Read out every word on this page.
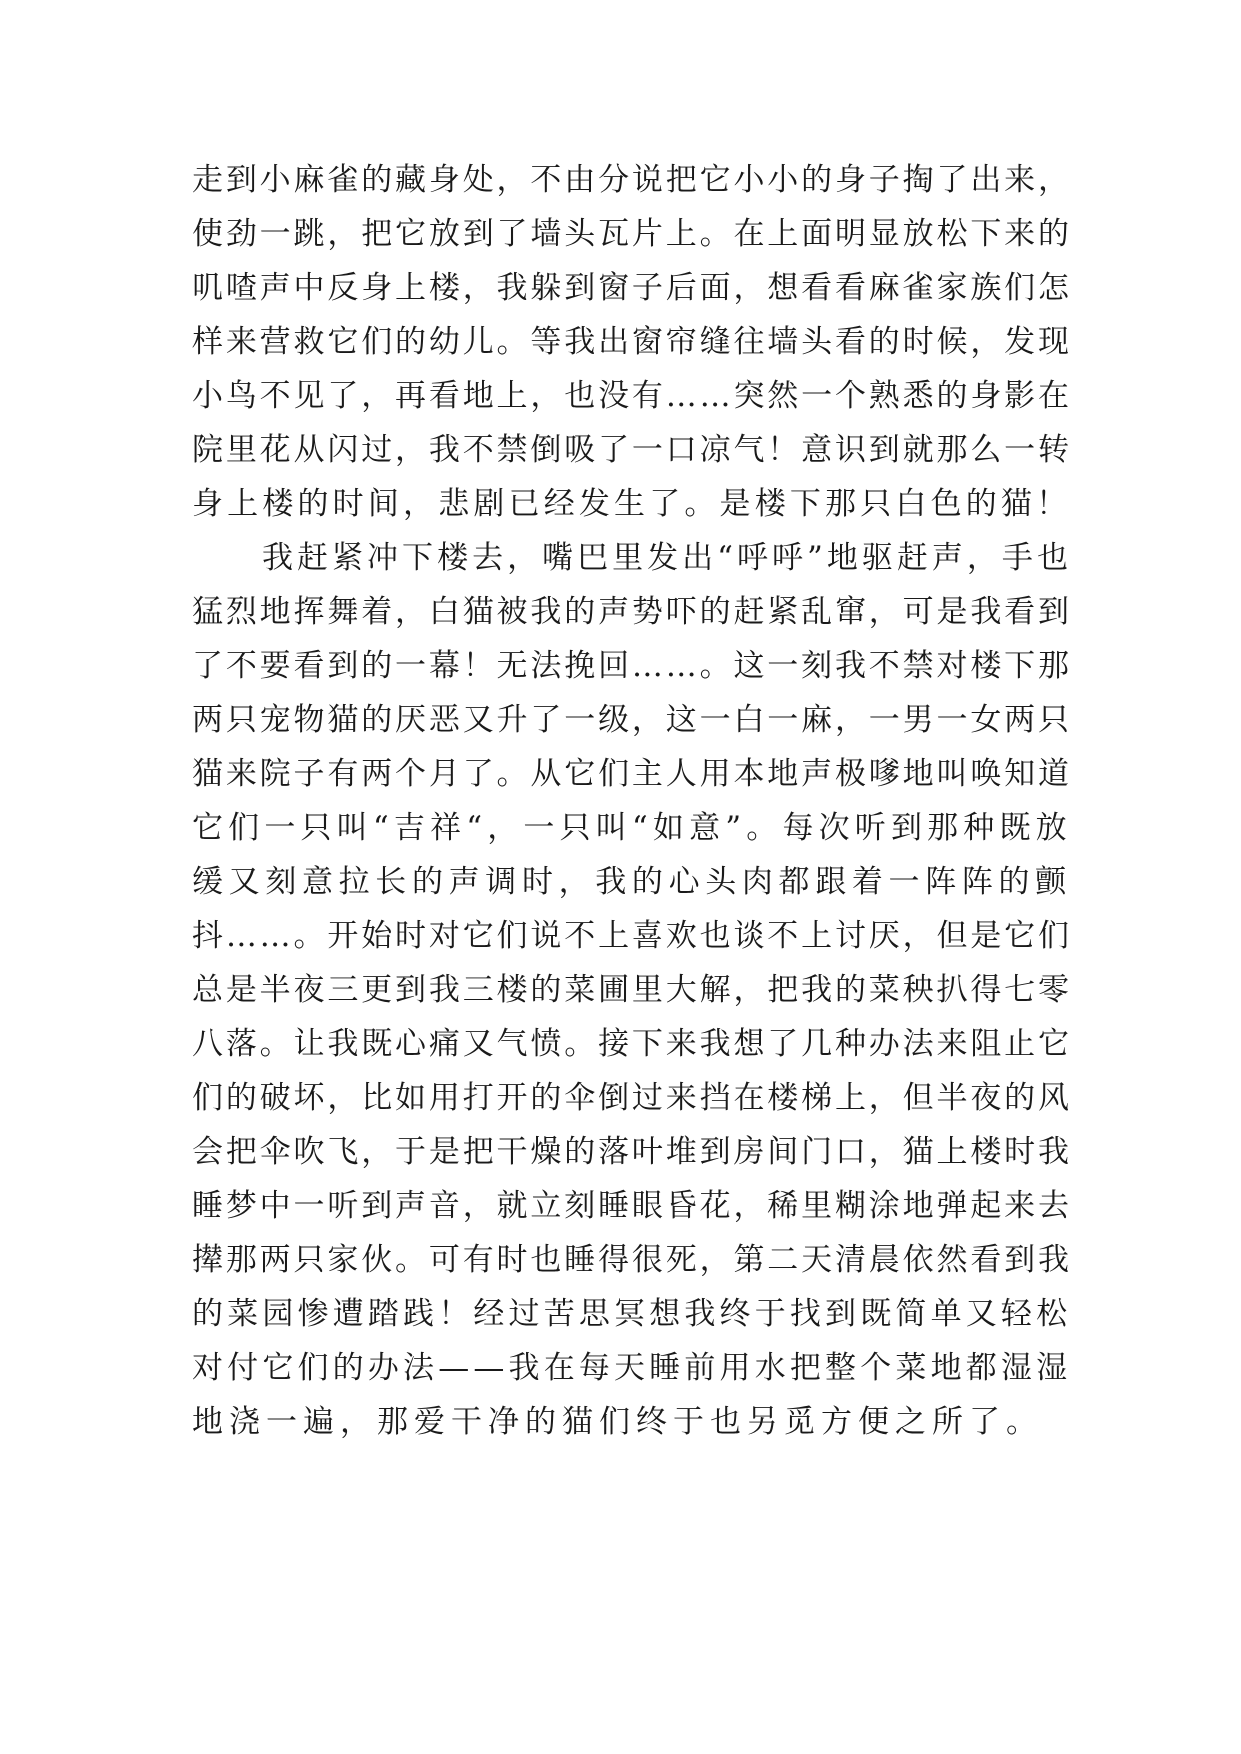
走到小麻雀的藏身处，不由分说把它小小的身子掏了出来，
使劲一跳，把它放到了墙头瓦片上。在上面明显放松下来的
叽喳声中反身上楼，我躲到窗子后面，想看看麻雀家族们怎
样来营救它们的幼儿。等我出窗帘缝往墙头看的时候，发现
小鸟不见了，再看地上，也没有……突然一个熟悉的身影在
院里花从闪过，我不禁倒吸了一口凉气！意识到就那么一转
身上楼的时间，悲剧已经发生了。是楼下那只白色的猫！
　　我赶紧冲下楼去，嘴巴里发出“呼呼”地驱赶声，手也
猛烈地挥舞着，白猫被我的声势吓的赶紧乱窜，可是我看到
了不要看到的一幕！无法挽回……。这一刻我不禁对楼下那
两只宠物猫的厌恶又升了一级，这一白一麻，一男一女两只
猫来院子有两个月了。从它们主人用本地声极嗲地叫唤知道
它们一只叫“吉祥“，一只叫“如意”。每次听到那种既放
缓又刻意拉长的声调时，我的心头肉都跟着一阵阵的颤
抖……。开始时对它们说不上喜欢也谈不上讨厌，但是它们
总是半夜三更到我三楼的菜圃里大解，把我的菜秧扒得七零
八落。让我既心痛又气愤。接下来我想了几种办法来阻止它
们的破坏，比如用打开的伞倒过来挡在楼梯上，但半夜的风
会把伞吹飞，于是把干燥的落叶堆到房间门口，猫上楼时我
睡梦中一听到声音，就立刻睡眼昏花，稀里糊涂地弹起来去
撵那两只家伙。可有时也睡得很死，第二天清晨依然看到我
的菜园惨遭踏践！经过苦思冥想我终于找到既简单又轻松
对付它们的办法——我在每天睡前用水把整个菜地都湿湿
地浇一遍，那爱干净的猫们终于也另觅方便之所了。
